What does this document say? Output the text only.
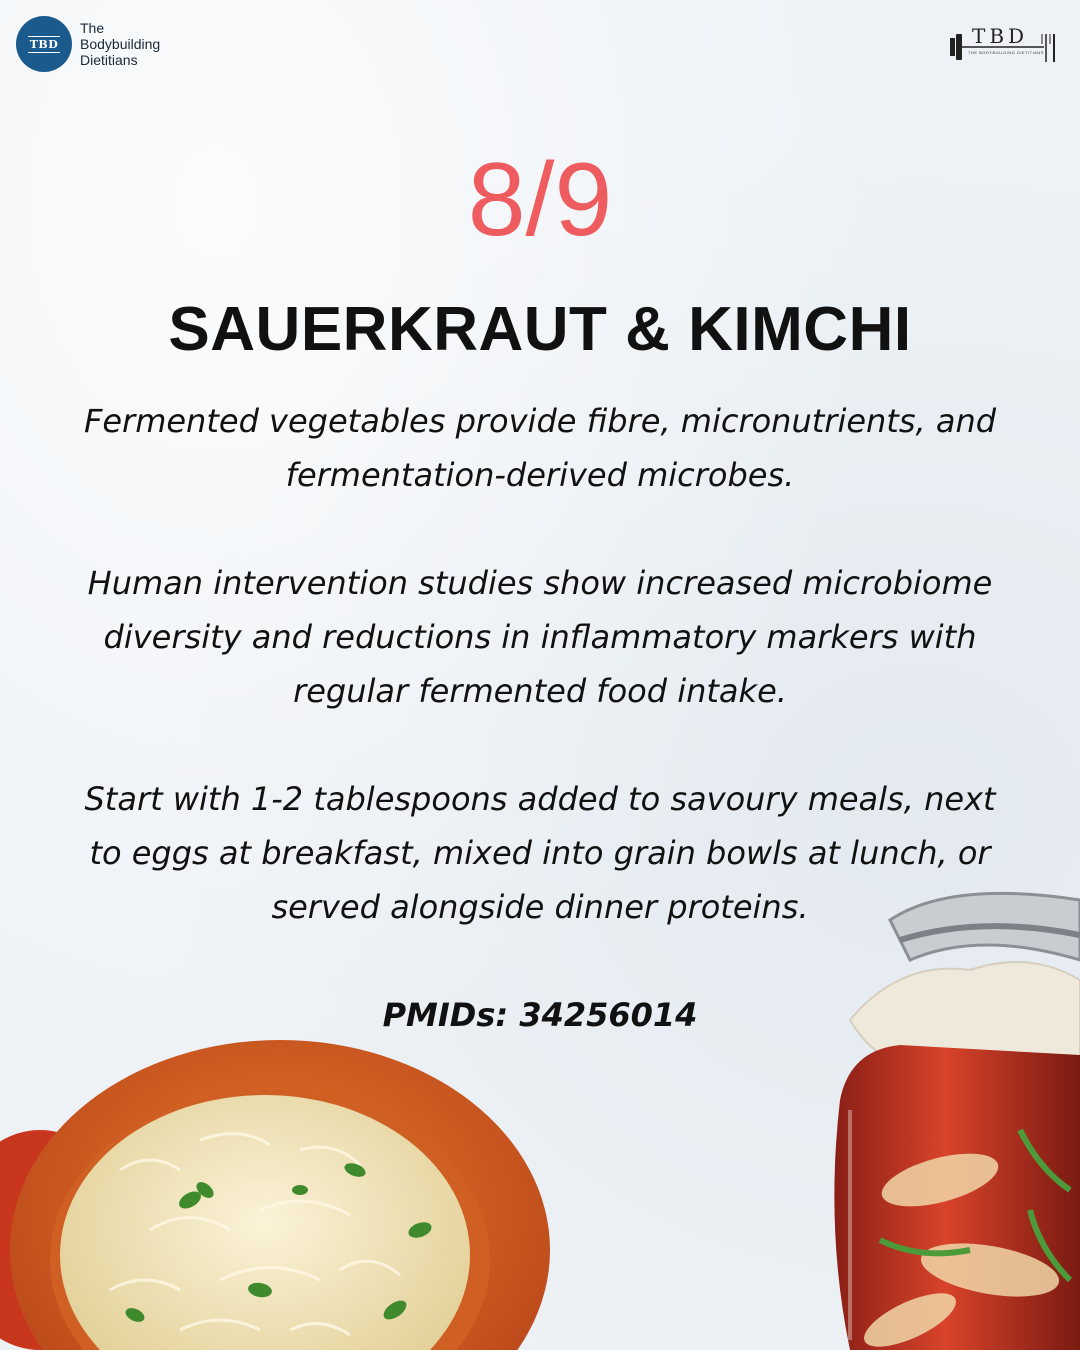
TBD
The
Bodybuilding
Dietitians
TBD
THE BODYBUILDING DIETITIANS
8/9
SAUERKRAUT & KIMCHI
Fermented vegetables provide fibre, micronutrients, and fermentation-derived microbes.
Human intervention studies show increased microbiome diversity and reductions in inflammatory markers with regular fermented food intake.
Start with 1-2 tablespoons added to savoury meals, next to eggs at breakfast, mixed into grain bowls at lunch, or served alongside dinner proteins.
PMIDs: 34256014
